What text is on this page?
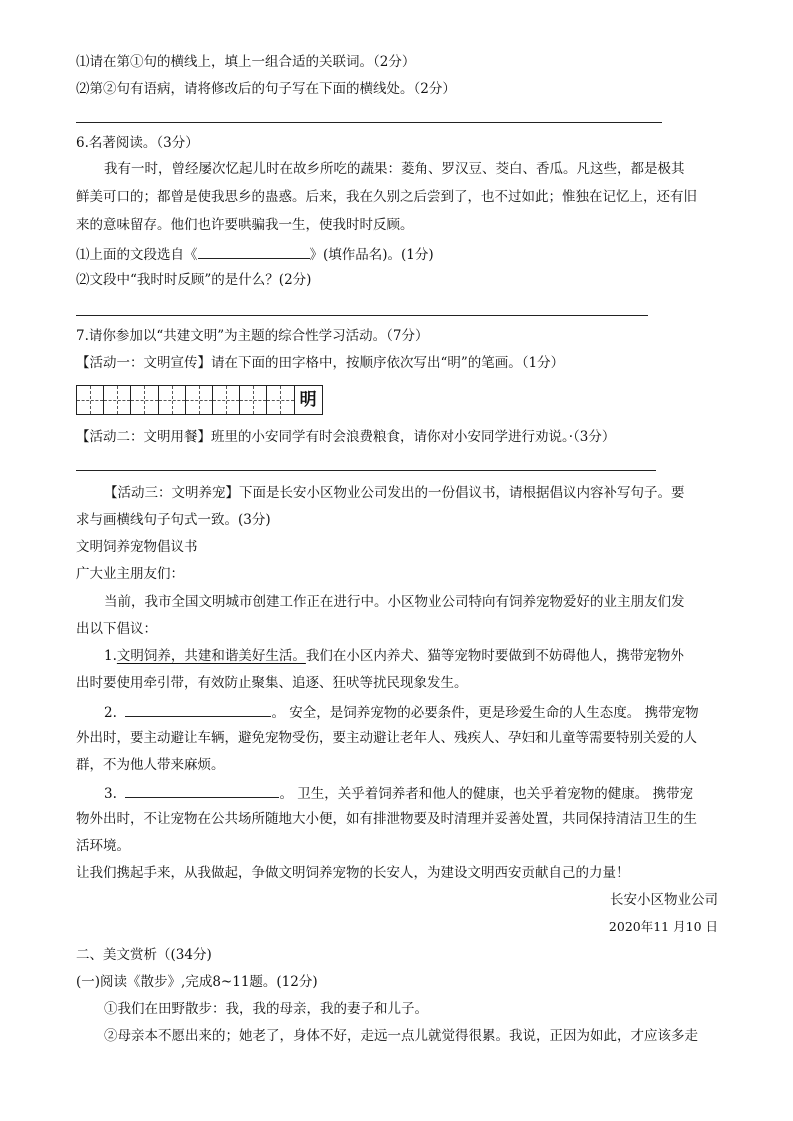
⑴请在第①句的横线上，填上一组合适的关联词。（2分）
⑵第②句有语病，请将修改后的句子写在下面的横线处。（2分）
6.名著阅读。（3分）
我有一时，曾经屡次忆起儿时在故乡所吃的蔬果：菱角、罗汉豆、茭白、香瓜。凡这些，都是极其
鲜美可口的；都曾是使我思乡的蛊惑。后来，我在久别之后尝到了，也不过如此；惟独在记忆上，还有旧
来的意味留存。他们也许要哄骗我一生，使我时时反顾。
⑴上面的文段选自《	》(填作品名)。(1分)
⑵文段中“我时时反顾”的是什么？(2分)
7.请你参加以“共建文明”为主题的综合性学习活动。（7分）
【活动一：文明宣传】请在下面的田字格中，按顺序依次写出“明”的笔画。（1分）
明
【活动二：文明用餐】班里的小安同学有时会浪费粮食，请你对小安同学进行劝说。·（3分）
【活动三：文明养宠】下面是长安小区物业公司发出的一份倡议书，请根据倡议内容补写句子。要
求与画横线句子句式一致。(3分)
文明饲养宠物倡议书
广大业主朋友们：
当前，我市全国文明城市创建工作正在进行中。小区物业公司特向有饲养宠物爱好的业主朋友们发
出以下倡议：
1.文明饲养，共建和谐美好生活。我们在小区内养犬、猫等宠物时要做到不妨碍他人，携带宠物外
出时要使用牵引带，有效防止聚集、追逐、狂吠等扰民现象发生。
2.	。 安全，是饲养宠物的必要条件，更是珍爱生命的人生态度。 携带宠物
外出时，要主动避让车辆，避免宠物受伤，要主动避让老年人、残疾人、孕妇和儿童等需要特别关爱的人
群，不为他人带来麻烦。
3.	。 卫生，关乎着饲养者和他人的健康，也关乎着宠物的健康。 携带宠
物外出时，不让宠物在公共场所随地大小便，如有排泄物要及时清理并妥善处置，共同保持清洁卫生的生
活环境。
让我们携起手来，从我做起，争做文明饲养宠物的长安人，为建设文明西安贡献自己的力量！
长安小区物业公司
2020年11 月10 日
二、美文赏析（(34分)
(一)阅读《散步》,完成8~11题。(12分)
①我们在田野散步：我，我的母亲，我的妻子和儿子。
②母亲本不愿出来的；她老了，身体不好，走远一点儿就觉得很累。我说，正因为如此，才应该多走
